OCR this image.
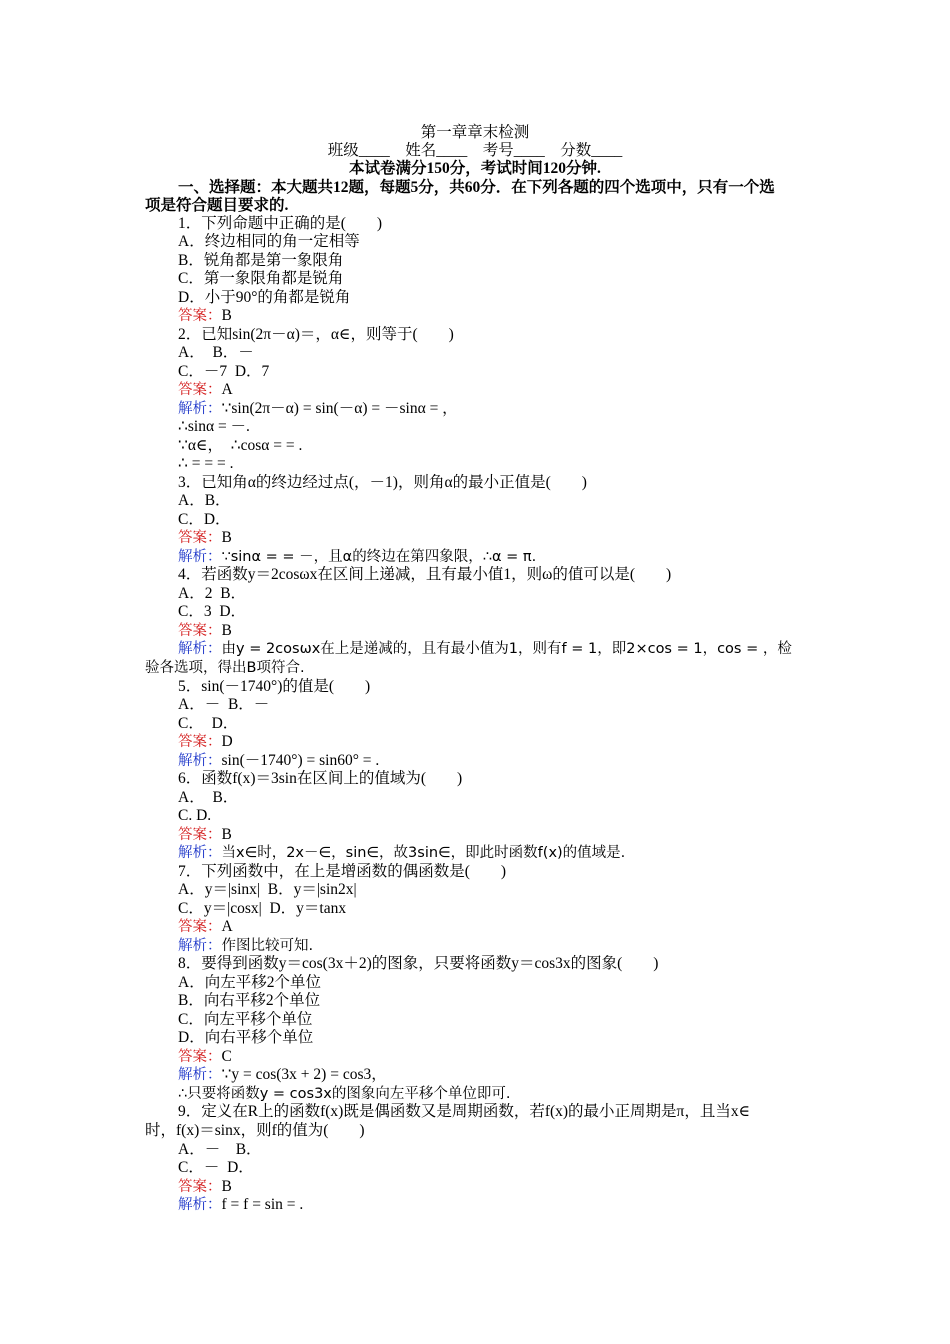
第一章章末检测
班级____    姓名____    考号____    分数____
本试卷满分150分，考试时间120分钟.
一、选择题：本大题共12题，每题5分，共60分．在下列各题的四个选项中，只有一个选
项是符合题目要求的.
1．下列命题中正确的是(　　)
A．终边相同的角一定相等
B．锐角都是第一象限角
C．第一象限角都是锐角
D．小于90°的角都是锐角
答案：B
2．已知sin(2π－α)＝，α∈，则等于(　　)
A．　B．－
C．－7  D．7
答案：A
解析：∵sin(2π－α) = sin(－α) = －sinα = ，
∴sinα = －.
∵α∈，  ∴cosα = = .
∴ = = = .
3．已知角α的终边经过点(，－1)，则角α的最小正值是(　　)
A．B．
C．D．
答案：B
解析：∵sinα = = －，且α的终边在第四象限，∴α = π.
4．若函数y＝2cosωx在区间上递减，且有最小值1，则ω的值可以是(　　)
A．2  B．
C．3  D．
答案：B
解析：由y = 2cosωx在上是递减的，且有最小值为1，则有f = 1，即2×cos = 1，cos = ，检
验各选项，得出B项符合.
5．sin(－1740°)的值是(　　)
A．－  B．－
C．　D．
答案：D
解析：sin(－1740°) = sin60° = .
6．函数f(x)＝3sin在区间上的值域为(　　)
A．　B．
C. D.
答案：B
解析：当x∈时，2x－∈，sin∈，故3sin∈，即此时函数f(x)的值域是.
7．下列函数中，在上是增函数的偶函数是(　　)
A．y＝|sinx|  B．y＝|sin2x|
C．y＝|cosx|  D．y＝tanx
答案：A
解析：作图比较可知.
8．要得到函数y＝cos(3x＋2)的图象，只要将函数y＝cos3x的图象(　　)
A．向左平移2个单位
B．向右平移2个单位
C．向左平移个单位
D．向右平移个单位
答案：C
解析：∵y = cos(3x + 2) = cos3，
∴只要将函数y = cos3x的图象向左平移个单位即可.
9．定义在R上的函数f(x)既是偶函数又是周期函数，若f(x)的最小正周期是π，且当x∈
时，f(x)＝sinx，则f的值为(　　)
A．－　B．
C．－  D．
答案：B
解析：f = f = sin = .
